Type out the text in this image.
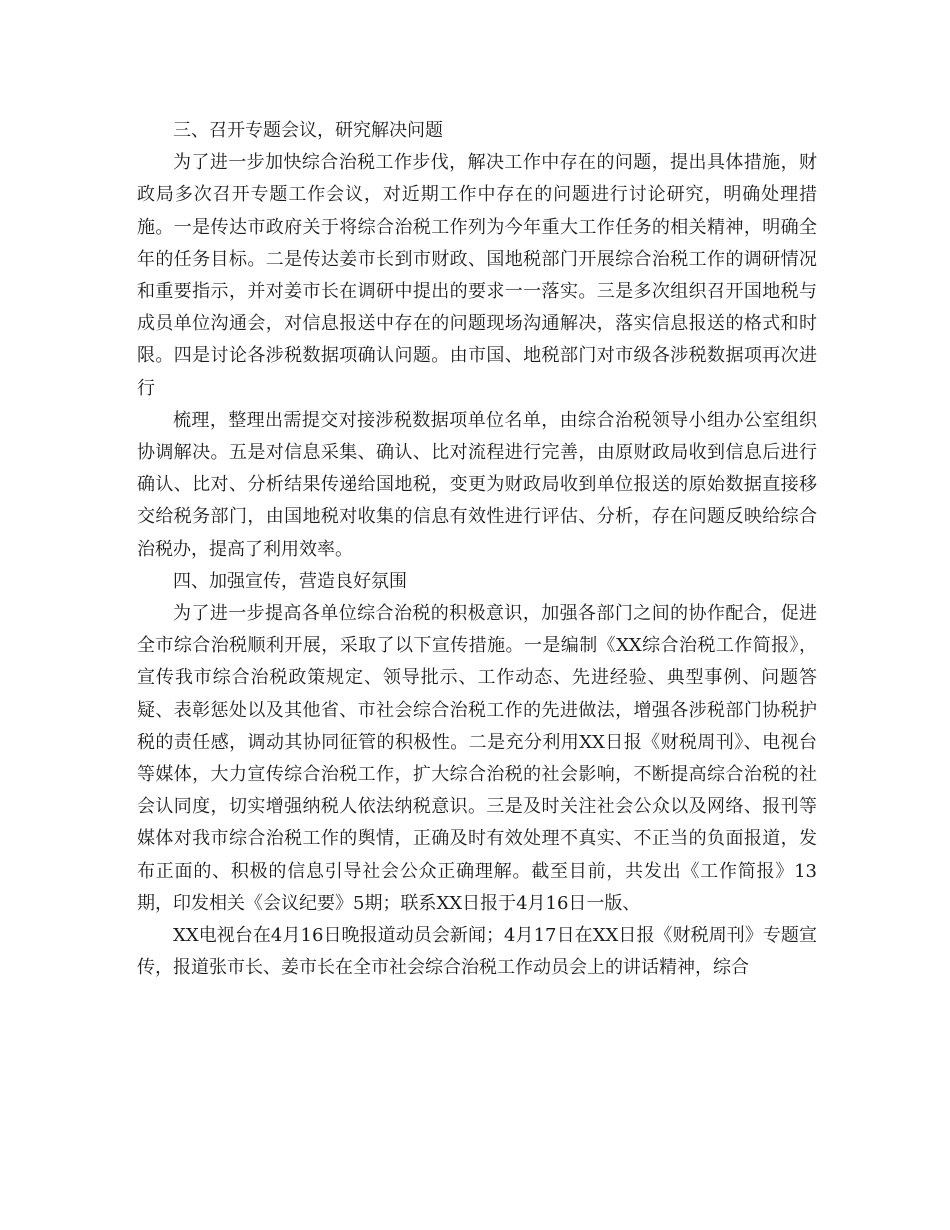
三、召开专题会议，研究解决问题

为了进一步加快综合治税工作步伐，解决工作中存在的问题，提出具体措施，财政局多次召开专题工作会议，对近期工作中存在的问题进行讨论研究，明确处理措施。一是传达市政府关于将综合治税工作列为今年重大工作任务的相关精神，明确全年的任务目标。二是传达姜市长到市财政、国地税部门开展综合治税工作的调研情况和重要指示，并对姜市长在调研中提出的要求一一落实。三是多次组织召开国地税与成员单位沟通会，对信息报送中存在的问题现场沟通解决，落实信息报送的格式和时限。四是讨论各涉税数据项确认问题。由市国、地税部门对市级各涉税数据项再次进行

梳理，整理出需提交对接涉税数据项单位名单，由综合治税领导小组办公室组织协调解决。五是对信息采集、确认、比对流程进行完善，由原财政局收到信息后进行确认、比对、分析结果传递给国地税，变更为财政局收到单位报送的原始数据直接移交给税务部门，由国地税对收集的信息有效性进行评估、分析，存在问题反映给综合治税办，提高了利用效率。

四、加强宣传，营造良好氛围

为了进一步提高各单位综合治税的积极意识，加强各部门之间的协作配合，促进全市综合治税顺利开展，采取了以下宣传措施。一是编制《XX综合治税工作简报》，宣传我市综合治税政策规定、领导批示、工作动态、先进经验、典型事例、问题答疑、表彰惩处以及其他省、市社会综合治税工作的先进做法，增强各涉税部门协税护税的责任感，调动其协同征管的积极性。二是充分利用XX日报《财税周刊》、电视台等媒体，大力宣传综合治税工作，扩大综合治税的社会影响，不断提高综合治税的社会认同度，切实增强纳税人依法纳税意识。三是及时关注社会公众以及网络、报刊等媒体对我市综合治税工作的舆情，正确及时有效处理不真实、不正当的负面报道，发布正面的、积极的信息引导社会公众正确理解。截至目前，共发出《工作简报》13期，印发相关《会议纪要》5期；联系XX日报于4月16日一版、

XX电视台在4月16日晚报道动员会新闻；4月17日在XX日报《财税周刊》专题宣传，报道张市长、姜市长在全市社会综合治税工作动员会上的讲话精神，综合
